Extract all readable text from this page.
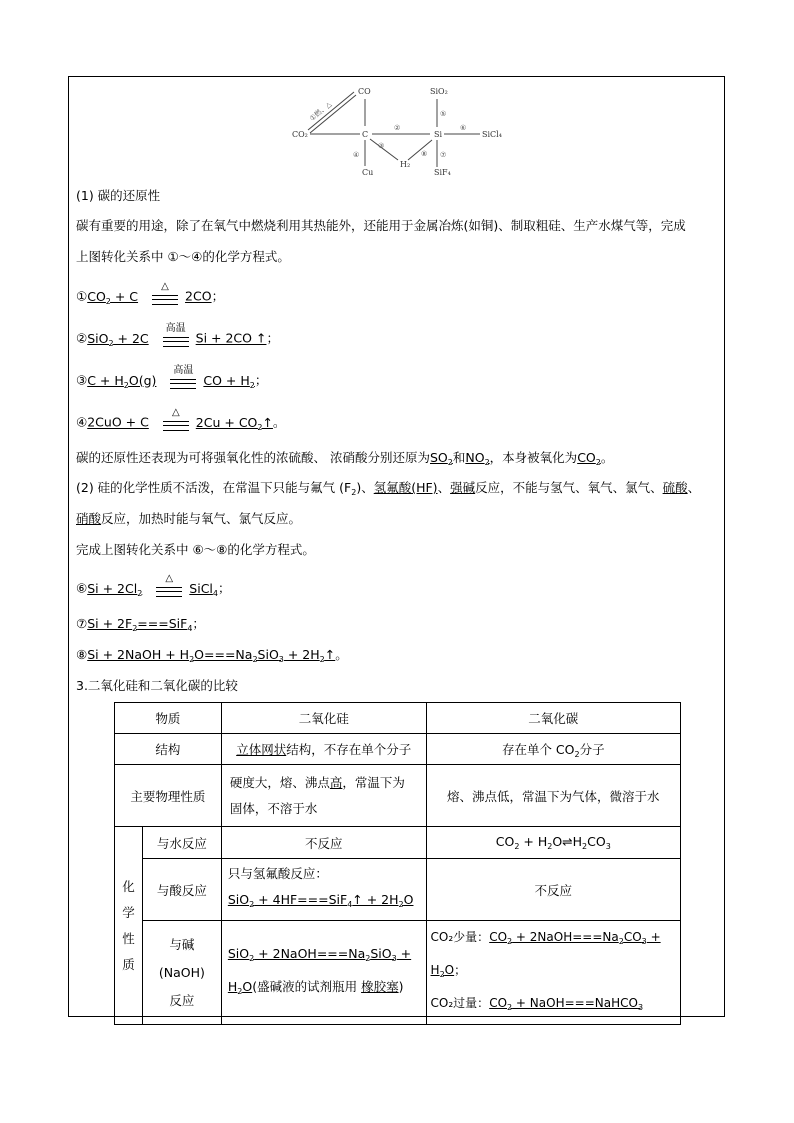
CO	SiO₂
CO₂	C	Si	SiCl₄
Cu
H₂
SiF₄
①燃、△
②
③
④
⑤
⑥
⑦
⑧
(1) 碳的还原性
碳有重要的用途，除了在氧气中燃烧利用其热能外，还能用于金属冶炼(如铜)、制取粗硅、生产水煤气等，完成
上图转化关系中 ①～④的化学方程式。
$①CO_2 + C$
△
2CO；
②SiO$_2$ + 2C
高温
Si + 2CO ↑；
③C + $H_2O(g)$
高温
CO + $H_2$；
④2CuO + C
△
$2Cu + CO_2↑$。
碳的还原性还表现为可将强氧化性的浓硫酸、 浓硝酸分别还原为$SO_2$和$NO_2$，本身被氧化为$CO_2$。
(2) 硅的化学性质不活泼，在常温下只能与氟气 $(F_2)$、氢氟酸(HF)、强碱反应，不能与氢气、氧气、氯气、硫酸、
硝酸反应，加热时能与氧气、氯气反应。
完成上图转化关系中 ⑥～⑧的化学方程式。
⑥Si + $2Cl_2$
△
SiCl$_4$；
⑦Si + $2F_2===SiF_4$；
⑧Si + 2NaOH + $H_2O===Na_2SiO_3$ + $2H_2↑$。
3.二氧化硅和二氧化碳的比较
物质		二氧化硅	二氧化碳
结构		立体网状结构，不存在单个分子	存在单个 $CO_2$分子
主要物理性质		硬度大，熔、沸点高，常温下为
固体，不溶于水	熔、沸点低，常温下为气体，微溶于水

化
学
性
质	与水反应	不反应	$CO_2$ + $H_2O\rightleftharpoons H_2CO_3$
	与酸反应	只与氢氟酸反应：
SiO$_2$ + 4HF===SiF$_4$↑ + $2H_2O$	不反应
	与碱
(NaOH)
反应	$SiO_2 + 2NaOH===Na_2SiO_3$ +
$H_2O$(盛碱液的试剂瓶用 橡胶塞)	CO₂少量：$CO_2$ + $2NaOH===Na_2CO_3 + H_2O$；
CO₂过量：$CO_2$ + NaOH===NaHCO$_3$
